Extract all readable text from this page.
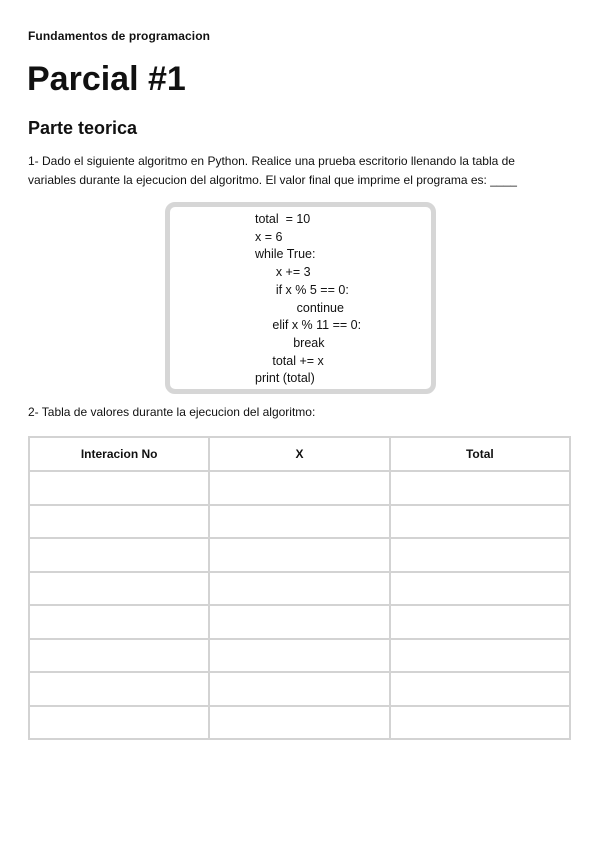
Fundamentos de programacion
Parcial #1
Parte teorica

1- Dado el siguiente algoritmo en Python. Realice una prueba escritorio llenando la tabla de variables durante la ejecucion del algoritmo. El valor final que imprime el programa es: ____

total  = 10
x = 6
while True:
x += 3
if x % 5 == 0:
continue
elif x % 11 == 0:
break
total += x
print (total)

2- Tabla de valores durante la ejecucion del algoritmo:

Interacion No	X	Total
